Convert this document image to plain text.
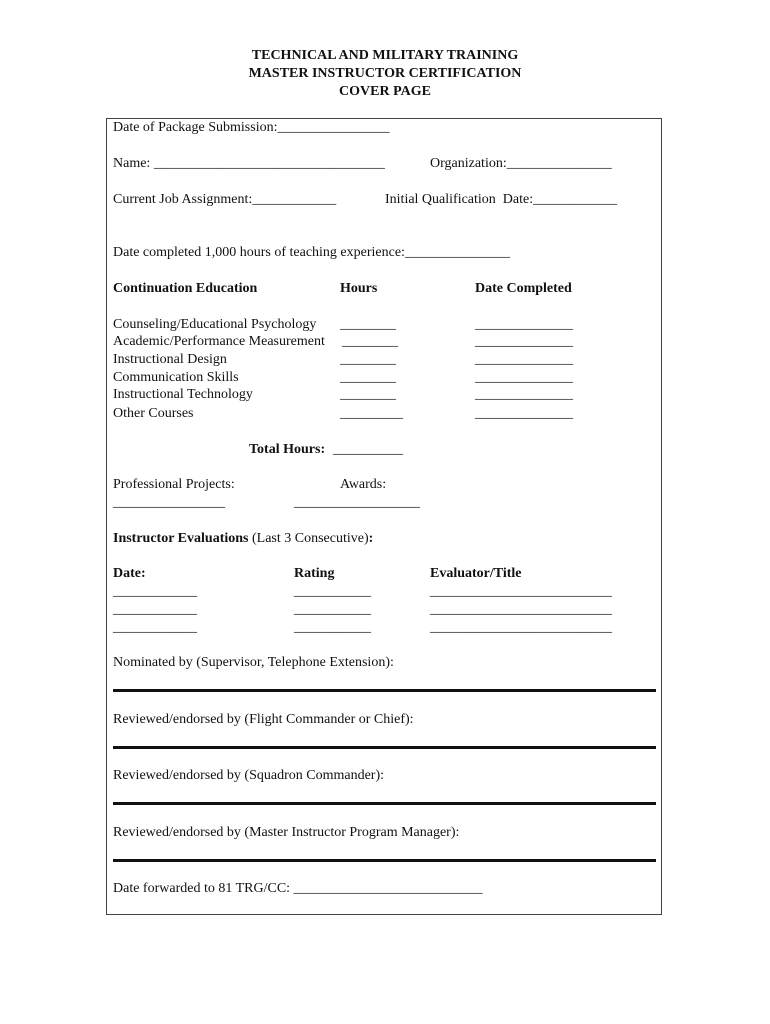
TECHNICAL AND MILITARY TRAINING
MASTER INSTRUCTOR CERTIFICATION
COVER PAGE
Date of Package Submission:________________
Name: _________________________________	Organization:_______________
Current Job Assignment:____________	Initial Qualification  Date:____________
Date completed 1,000 hours of teaching experience:_______________
Continuation Education	Hours	Date Completed
Counseling/Educational Psychology ________	______________
Academic/Performance Measurement ________	______________
Instructional Design	________	______________
Communication Skills	________	______________
Instructional Technology	________	______________
Other Courses	_________	______________
Total Hours: __________
Professional Projects:
________________
Awards:
__________________
Instructor Evaluations (Last 3 Consecutive):
Date:	Rating	Evaluator/Title
____________	___________	__________________________
____________	___________	__________________________
____________	___________	__________________________
Nominated by (Supervisor, Telephone Extension):
Reviewed/endorsed by (Flight Commander or Chief):
Reviewed/endorsed by (Squadron Commander):
Reviewed/endorsed by (Master Instructor Program Manager):
Date forwarded to 81 TRG/CC: ___________________________
